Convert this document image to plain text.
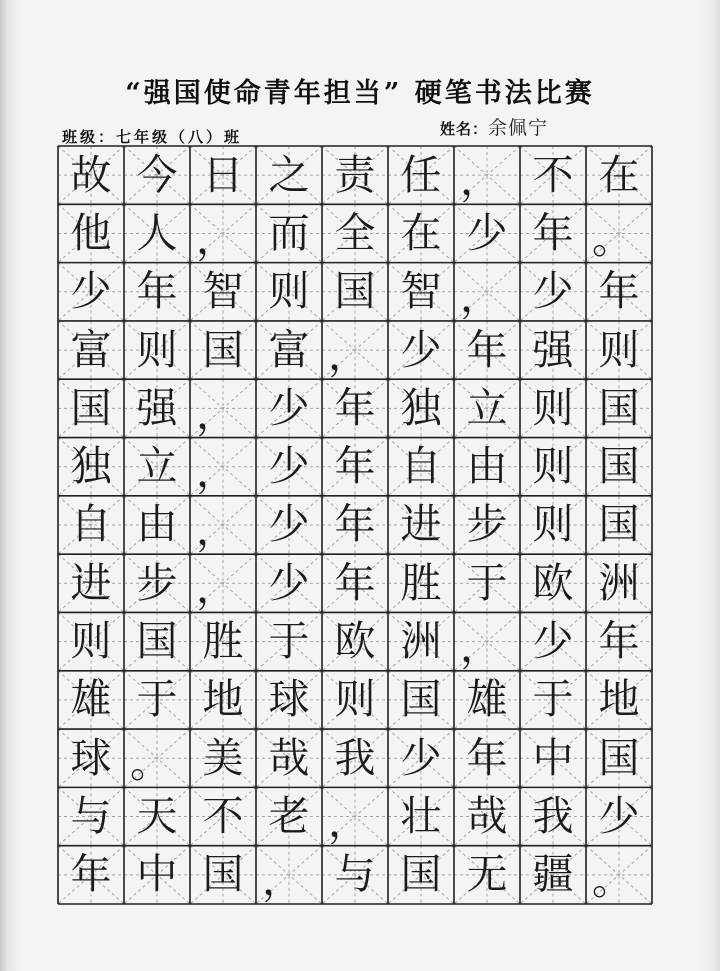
“强国使命青年担当” 硬笔书法比赛
班级：七年级（八）班	姓名：余佩宁
故 今 日 之 责 任 ， 不 在
他 人 ， 而 全 在 少 年 。
少 年 智 则 国 智 ， 少 年
富 则 国 富 ， 少 年 强 则
国 强 ， 少 年 独 立 则 国
独 立 ， 少 年 自 由 则 国
自 由 ， 少 年 进 步 则 国
进 步 ， 少 年 胜 于 欧 洲
则 国 胜 于 欧 洲 ， 少 年
雄 于 地 球 则 国 雄 于 地
球 。 美 哉 我 少 年 中 国
与 天 不 老 ， 壮 哉 我 少
年 中 国 ， 与 国 无 疆 。
